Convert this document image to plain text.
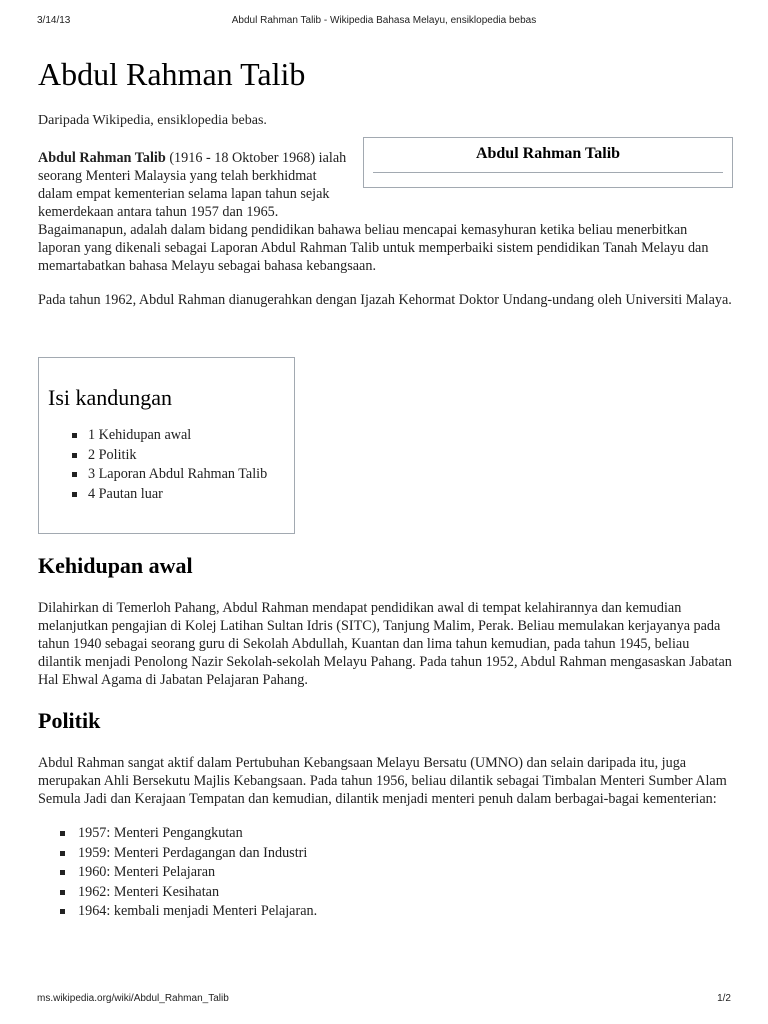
3/14/13	Abdul Rahman Talib - Wikipedia Bahasa Melayu, ensiklopedia bebas
Abdul Rahman Talib
Daripada Wikipedia, ensiklopedia bebas.
Abdul Rahman Talib

Abdul Rahman Talib (1916 - 18 Oktober 1968) ialah seorang Menteri Malaysia yang telah berkhidmat dalam empat kementerian selama lapan tahun sejak kemerdekaan antara tahun 1957 dan 1965.

Bagaimanapun, adalah dalam bidang pendidikan bahawa beliau mencapai kemasyhuran ketika beliau menerbitkan laporan yang dikenali sebagai Laporan Abdul Rahman Talib untuk memperbaiki sistem pendidikan Tanah Melayu dan memartabatkan bahasa Melayu sebagai bahasa kebangsaan.

Pada tahun 1962, Abdul Rahman dianugerahkan dengan Ijazah Kehormat Doktor Undang-undang oleh Universiti Malaya.

Isi kandungan
1 Kehidupan awal
2 Politik
3 Laporan Abdul Rahman Talib
4 Pautan luar
Kehidupan awal

Dilahirkan di Temerloh Pahang, Abdul Rahman mendapat pendidikan awal di tempat kelahirannya dan kemudian melanjutkan pengajian di Kolej Latihan Sultan Idris (SITC), Tanjung Malim, Perak. Beliau memulakan kerjayanya pada tahun 1940 sebagai seorang guru di Sekolah Abdullah, Kuantan dan lima tahun kemudian, pada tahun 1945, beliau dilantik menjadi Penolong Nazir Sekolah-sekolah Melayu Pahang. Pada tahun 1952, Abdul Rahman mengasaskan Jabatan Hal Ehwal Agama di Jabatan Pelajaran Pahang.

Politik

Abdul Rahman sangat aktif dalam Pertubuhan Kebangsaan Melayu Bersatu (UMNO) dan selain daripada itu, juga merupakan Ahli Bersekutu Majlis Kebangsaan. Pada tahun 1956, beliau dilantik sebagai Timbalan Menteri Sumber Alam Semula Jadi dan Kerajaan Tempatan dan kemudian, dilantik menjadi menteri penuh dalam berbagai-bagai kementerian:

1957: Menteri Pengangkutan
1959: Menteri Perdagangan dan Industri
1960: Menteri Pelajaran
1962: Menteri Kesihatan
1964: kembali menjadi Menteri Pelajaran.
ms.wikipedia.org/wiki/Abdul_Rahman_Talib	1/2
